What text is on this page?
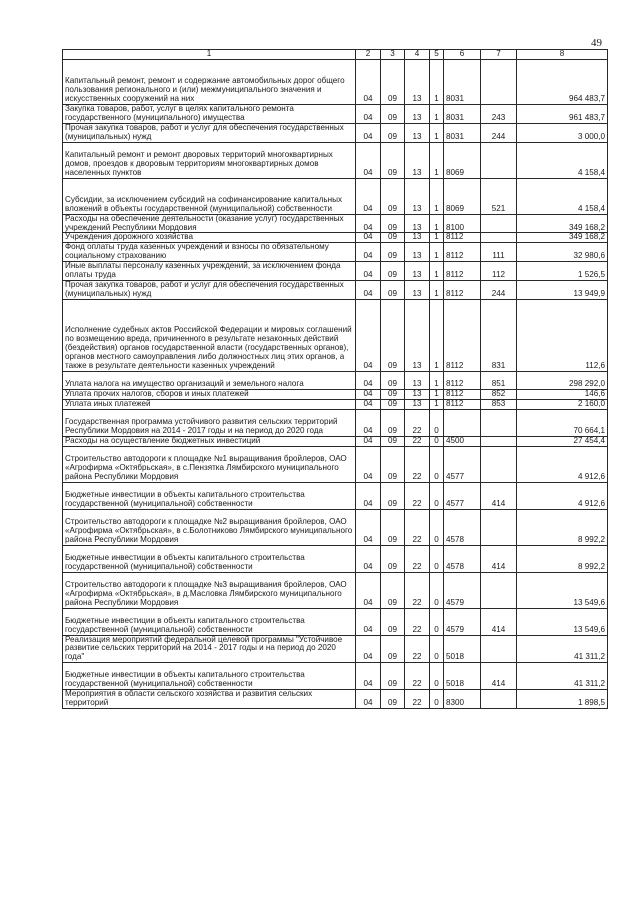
49
1	2	3	4	5	6	7	8
Капитальный ремонт, ремонт и содержание автомобильных дорог общего пользования регионального и (или) межмуниципального значения и искусственных сооружений на них	04	09	13	1	8031		964 483,7
Закупка товаров, работ, услуг в целях капитального ремонта государственного (муниципального) имущества	04	09	13	1	8031	243	961 483,7
Прочая закупка товаров, работ и услуг для обеспечения государственных (муниципальных) нужд	04	09	13	1	8031	244	3 000,0
Капитальный ремонт и ремонт дворовых территорий многоквартирных домов, проездов к дворовым территориям многоквартирных домов населенных пунктов	04	09	13	1	8069		4 158,4
Субсидии, за исключением субсидий на софинансирование капитальных вложений в объекты государственной (муниципальной) собственности	04	09	13	1	8069	521	4 158,4
Расходы на обеспечение деятельности (оказание услуг) государственных учреждений Республики Мордовия	04	09	13	1	8100		349 168,2
Учреждения дорожного хозяйства	04	09	13	1	8112		349 168,2
Фонд оплаты труда казенных учреждений и взносы по обязательному социальному страхованию	04	09	13	1	8112	111	32 980,6
Иные выплаты персоналу казенных учреждений, за исключением фонда оплаты труда	04	09	13	1	8112	112	1 526,5
Прочая закупка товаров, работ и услуг для обеспечения государственных (муниципальных) нужд	04	09	13	1	8112	244	13 949,9
Исполнение судебных актов Российской Федерации и мировых соглашений по возмещению вреда, причиненного в результате незаконных действий (бездействия) органов государственной власти (государственных органов), органов местного самоуправления либо должностных лиц этих органов, а также в результате деятельности казенных учреждений	04	09	13	1	8112	831	112,6
Уплата налога на имущество организаций и земельного налога	04	09	13	1	8112	851	298 292,0
Уплата прочих налогов, сборов и иных платежей	04	09	13	1	8112	852	146,6
Уплата иных платежей	04	09	13	1	8112	853	2 160,0
Государственная программа устойчивого развития сельских территорий Республики Мордовия на 2014 - 2017 годы и на период до 2020 года	04	09	22	0			70 664,1
Расходы на осуществление бюджетных инвестиций	04	09	22	0	4500		27 454,4
Строительство автодороги к площадке №1 выращивания бройлеров, ОАО «Агрофирма «Октябрьская», в с.Пензятка Лямбирского муниципального района Республики Мордовия	04	09	22	0	4577		4 912,6
Бюджетные инвестиции в объекты капитального строительства государственной (муниципальной) собственности	04	09	22	0	4577	414	4 912,6
Строительство автодороги к площадке №2 выращивания бройлеров, ОАО «Агрофирма «Октябрьская», в с.Болотниково Лямбирского муниципального района Республики Мордовия	04	09	22	0	4578		8 992,2
Бюджетные инвестиции в объекты капитального строительства государственной (муниципальной) собственности	04	09	22	0	4578	414	8 992,2
Строительство автодороги к площадке №3 выращивания бройлеров, ОАО «Агрофирма «Октябрьская», в д.Масловка Лямбирского муниципального района Республики Мордовия	04	09	22	0	4579		13 549,6
Бюджетные инвестиции в объекты капитального строительства государственной (муниципальной) собственности	04	09	22	0	4579	414	13 549,6
Реализация мероприятий федеральной целевой программы "Устойчивое развитие сельских территорий на 2014 - 2017 годы и на период до 2020 года"	04	09	22	0	5018		41 311,2
Бюджетные инвестиции в объекты капитального строительства государственной (муниципальной) собственности	04	09	22	0	5018	414	41 311,2
Мероприятия в области сельского хозяйства и развития сельских территорий	04	09	22	0	8300		1 898,5
